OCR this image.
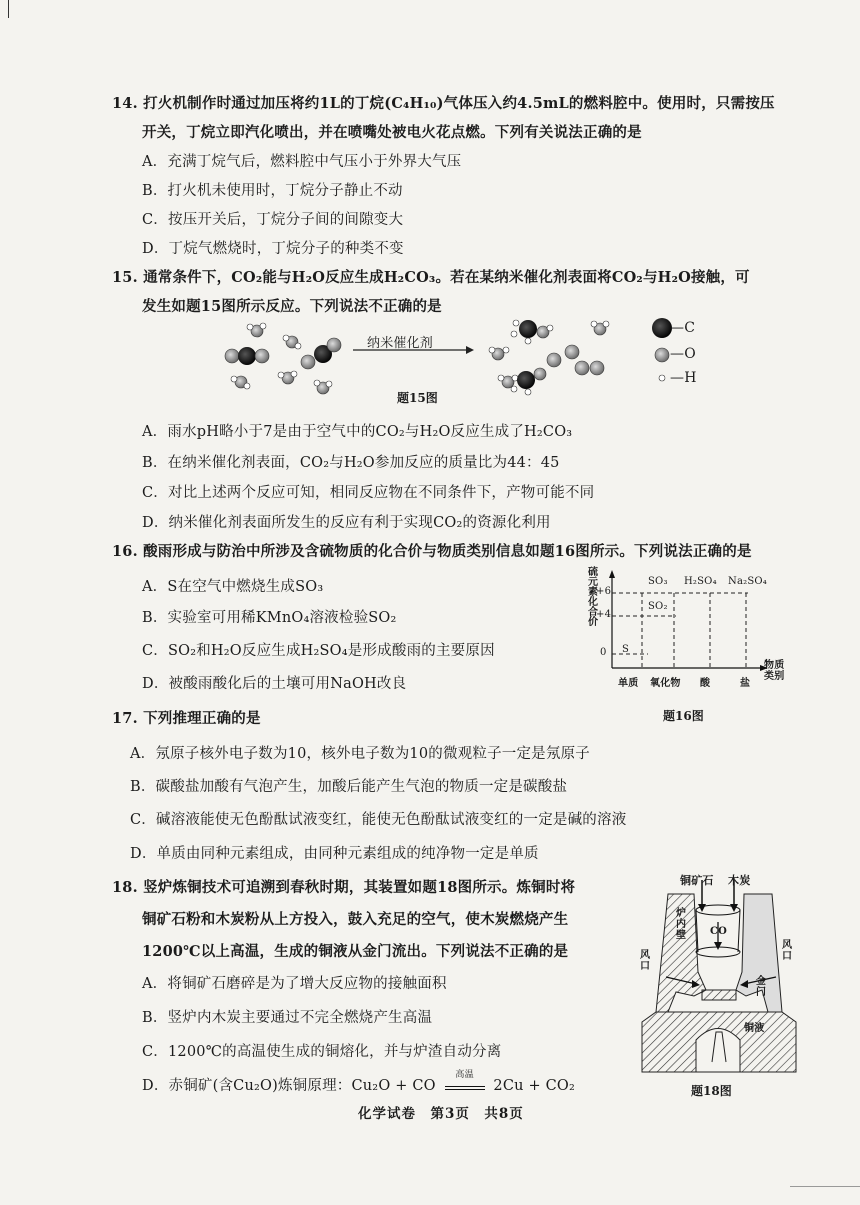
14. 打火机制作时通过加压将约1L的丁烷(C₄H₁₀)气体压入约4.5mL的燃料腔中。使用时，只需按压
开关，丁烷立即汽化喷出，并在喷嘴处被电火花点燃。下列有关说法正确的是
A．充满丁烷气后，燃料腔中气压小于外界大气压
B．打火机未使用时，丁烷分子静止不动
C．按压开关后，丁烷分子间的间隙变大
D．丁烷气燃烧时，丁烷分子的种类不变
15. 通常条件下，CO₂能与H₂O反应生成H₂CO₃。若在某纳米催化剂表面将CO₂与H₂O接触，可
发生如题15图所示反应。下列说法不正确的是
纳米催化剂
—C
—O
—H
题15图
A．雨水pH略小于7是由于空气中的CO₂与H₂O反应生成了H₂CO₃
B．在纳米催化剂表面，CO₂与H₂O参加反应的质量比为44：45
C．对比上述两个反应可知，相同反应物在不同条件下，产物可能不同
D．纳米催化剂表面所发生的反应有利于实现CO₂的资源化利用
16. 酸雨形成与防治中所涉及含硫物质的化合价与物质类别信息如题16图所示。下列说法正确的是
A．S在空气中燃烧生成SO₃
B．实验室可用稀KMnO₄溶液检验SO₂
C．SO₂和H₂O反应生成H₂SO₄是形成酸雨的主要原因
D．被酸雨酸化后的土壤可用NaOH改良
硫元素化合价
+6
+4
0
SO₃ H₂SO₄ Na₂SO₄
SO₂
S
单质 氧化物 酸	盐
物质类别
题16图
17. 下列推理正确的是
A．氖原子核外电子数为10，核外电子数为10的微观粒子一定是氖原子
B．碳酸盐加酸有气泡产生，加酸后能产生气泡的物质一定是碳酸盐
C．碱溶液能使无色酚酞试液变红，能使无色酚酞试液变红的一定是碱的溶液
D．单质由同种元素组成，由同种元素组成的纯净物一定是单质
18. 竖炉炼铜技术可追溯到春秋时期，其装置如题18图所示。炼铜时将
铜矿石粉和木炭粉从上方投入，鼓入充足的空气，使木炭燃烧产生
1200℃以上高温，生成的铜液从金门流出。下列说法不正确的是
A．将铜矿石磨碎是为了增大反应物的接触面积
B．竖炉内木炭主要通过不完全燃烧产生高温
C．1200℃的高温使生成的铜熔化，并与炉渣自动分离
D．赤铜矿(含Cu₂O)炼铜原理：Cu₂O + CO
高温
2Cu + CO₂
铜矿石 木炭
炉内壁 CO
风口
风口
金门
铜液
题18图
化学试卷　第3页　共8页
